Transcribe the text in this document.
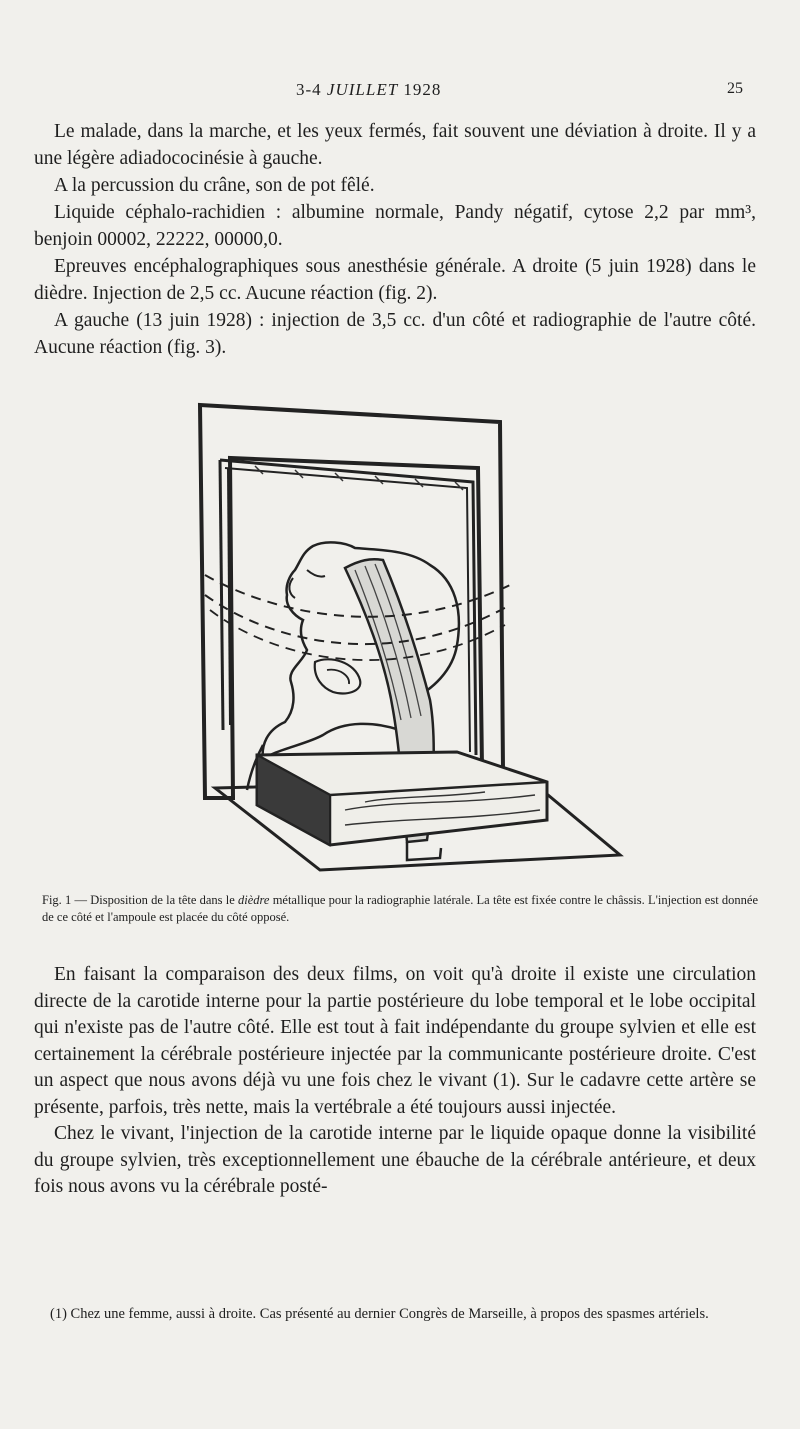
3-4 JUILLET 1928	25

Le malade, dans la marche, et les yeux fermés, fait souvent une déviation à droite. Il y a une légère adiadococinésie à gauche.

A la percussion du crâne, son de pot fêlé.

Liquide céphalo-rachidien : albumine normale, Pandy négatif, cytose 2,2 par mm³, benjoin 00002, 22222, 00000,0.

Epreuves encéphalographiques sous anesthésie générale. A droite (5 juin 1928) dans le dièdre. Injection de 2,5 cc. Aucune réaction (fig. 2).

A gauche (13 juin 1928) : injection de 3,5 cc. d'un côté et radiographie de l'autre côté. Aucune réaction (fig. 3).

Fig. 1 — Disposition de la tête dans le dièdre métallique pour la radiographie latérale. La tête est fixée contre le châssis. L'injection est donnée de ce côté et l'ampoule est placée du côté opposé.

En faisant la comparaison des deux films, on voit qu'à droite il existe une circulation directe de la carotide interne pour la partie postérieure du lobe temporal et le lobe occipital qui n'existe pas de l'autre côté. Elle est tout à fait indépendante du groupe sylvien et elle est certainement la cérébrale postérieure injectée par la communicante postérieure droite. C'est un aspect que nous avons déjà vu une fois chez le vivant (1). Sur le cadavre cette artère se présente, parfois, très nette, mais la vertébrale a été toujours aussi injectée.

Chez le vivant, l'injection de la carotide interne par le liquide opaque donne la visibilité du groupe sylvien, très exceptionnellement une ébauche de la cérébrale antérieure, et deux fois nous avons vu la cérébrale posté-

(1) Chez une femme, aussi à droite. Cas présenté au dernier Congrès de Marseille, à propos des spasmes artériels.
